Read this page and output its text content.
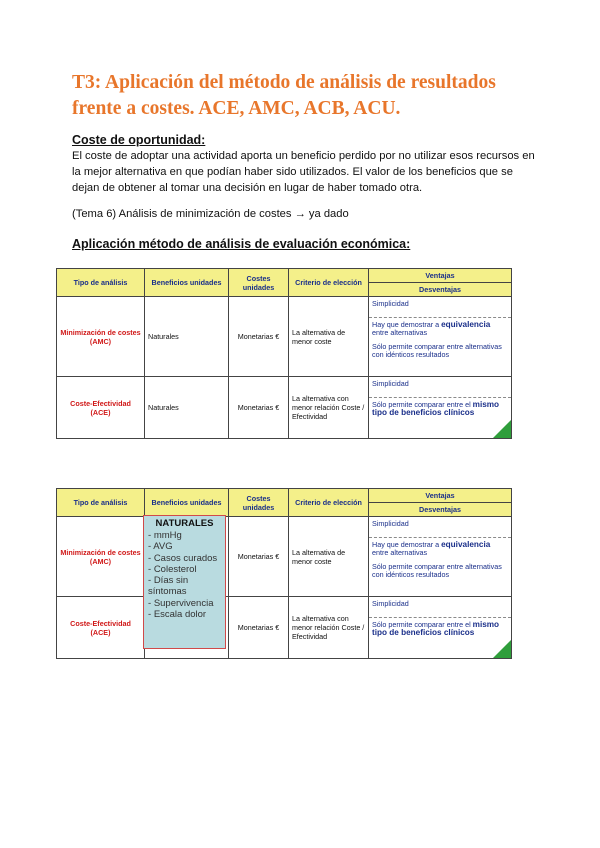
T3: Aplicación del método de análisis de resultados frente a costes. ACE, AMC, ACB, ACU.

Coste de oportunidad:

El coste de adoptar una actividad aporta un beneficio perdido por no utilizar esos recursos en la mejor alternativa en que podían haber sido utilizados. El valor de los beneficios que se dejan de obtener al tomar una decisión en lugar de haber tomado otra.

(Tema 6) Análisis de minimización de costes → ya dado

Aplicación método de análisis de evaluación económica:

Tipo de análisis	Beneficios unidades	Costes unidades	Criterio de elección	Ventajas
				Desventajas
Minimización de costes (AMC)	Naturales	Monetarias €	La alternativa de menor coste	Simplicidad
Hay que demostrar a equivalencia entre alternativas
Sólo permite comparar entre alternativas con idénticos resultados

Coste-Efectividad (ACE)	Naturales	Monetarias €	La alternativa con menor relación Coste / Efectividad	Simplicidad
Sólo permite comparar entre el mismo
tipo de beneficios clínicos
Tipo de análisis	Beneficios unidades	Costes unidades	Criterio de elección	Ventajas
				Desventajas
Minimización de costes (AMC)		Monetarias €	La alternativa de menor coste	Simplicidad
Hay que demostrar a equivalencia entre alternativas
Sólo permite comparar entre alternativas con idénticos resultados

Coste-Efectividad (ACE)		Monetarias €	La alternativa con menor relación Coste / Efectividad	Simplicidad
Sólo permite comparar entre el mismo
tipo de beneficios clínicos
NATURALES
- mmHg
- AVG
- Casos curados
- Colesterol
- Días sin síntomas
- Supervivencia
- Escala dolor
